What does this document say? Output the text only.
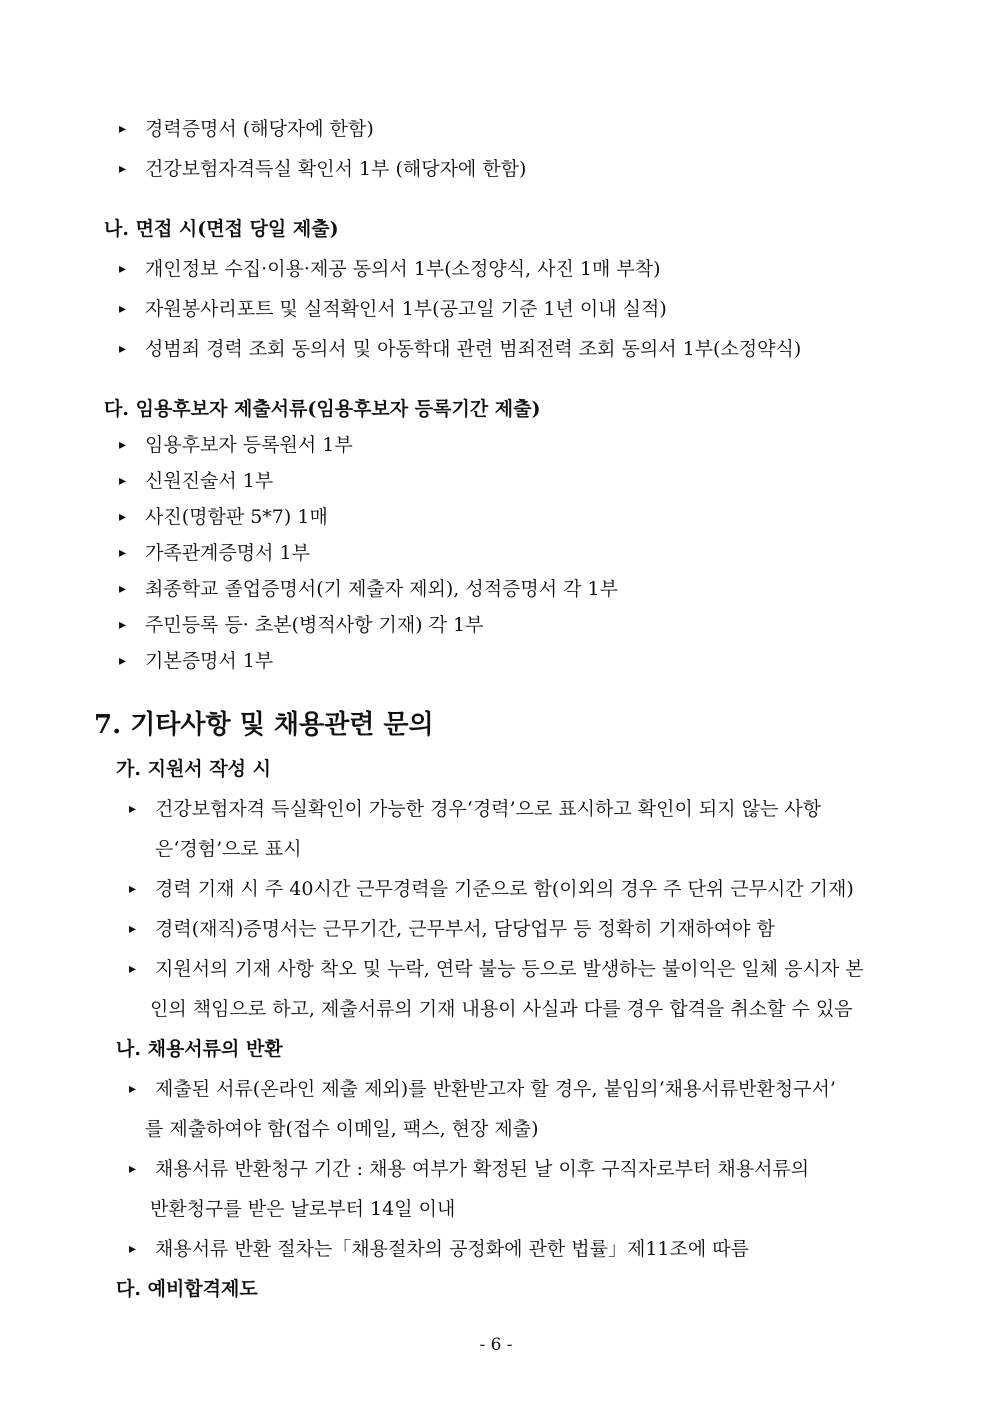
▸ 경력증명서 (해당자에 한함)
▸ 건강보험자격득실 확인서 1부 (해당자에 한함)
나. 면접 시(면접 당일 제출)
▸ 개인정보 수집·이용·제공 동의서 1부(소정양식, 사진 1매 부착)
▸ 자원봉사리포트 및 실적확인서 1부(공고일 기준 1년 이내 실적)
▸ 성범죄 경력 조회 동의서 및 아동학대 관련 범죄전력 조회 동의서 1부(소정약식)
다. 임용후보자 제출서류(임용후보자 등록기간 제출)
▸ 임용후보자 등록원서 1부
▸ 신원진술서 1부
▸ 사진(명함판 5*7) 1매
▸ 가족관계증명서 1부
▸ 최종학교 졸업증명서(기 제출자 제외), 성적증명서 각 1부
▸ 주민등록 등· 초본(병적사항 기재) 각 1부
▸ 기본증명서 1부
7. 기타사항 및 채용관련 문의
가. 지원서 작성 시
▸ 건강보험자격 득실확인이 가능한 경우‘경력’으로 표시하고 확인이 되지 않는 사항
은‘경험’으로 표시
▸ 경력 기재 시 주 40시간 근무경력을 기준으로 함(이외의 경우 주 단위 근무시간 기재)
▸ 경력(재직)증명서는 근무기간, 근무부서, 담당업무 등 정확히 기재하여야 함
▸ 지원서의 기재 사항 착오 및 누락, 연락 불능 등으로 발생하는 불이익은 일체 응시자 본
인의 책임으로 하고, 제출서류의 기재 내용이 사실과 다를 경우 합격을 취소할 수 있음
나. 채용서류의 반환
▸ 제출된 서류(온라인 제출 제외)를 반환받고자 할 경우, 붙임의‘채용서류반환청구서’
를 제출하여야 함(접수 이메일, 팩스, 현장 제출)
▸ 채용서류 반환청구 기간 : 채용 여부가 확정된 날 이후 구직자로부터 채용서류의
반환청구를 받은 날로부터 14일 이내
▸ 채용서류 반환 절차는「채용절차의 공정화에 관한 법률」제11조에 따름
다. 예비합격제도
- 6 -
